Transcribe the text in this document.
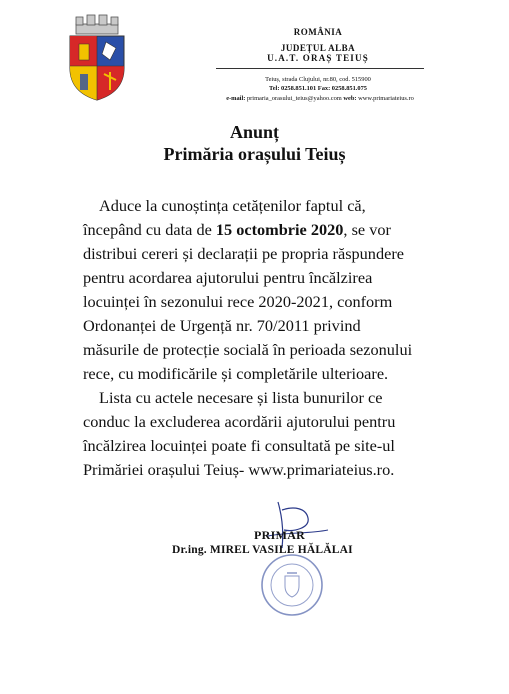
ROMÂNIA
JUDEȚUL ALBA
U.A.T. ORAȘ TEIUȘ
Teiuș, strada Clujului, nr.80, cod. 515900
Tel: 0258.851.101 Fax: 0258.851.075
e-mail: primaria_orasului_teius@yahoo.com web: www.primariateius.ro
Anunț
Primăria orașului Teiuș
Aduce la cunoștința cetățenilor faptul că,
începând cu data de 15 octombrie 2020, se vor
distribui cereri și declarații pe propria răspundere
pentru acordarea ajutorului pentru încălzirea
locuinței în sezonului rece 2020-2021, conform
Ordonanței de Urgență nr. 70/2011 privind
măsurile de protecție socială în perioada sezonului
rece, cu modificările și completările ulterioare.
Lista cu actele necesare și lista bunurilor ce
conduc la excluderea acordării ajutorului pentru
încălzirea locuinței poate fi consultată pe site-ul
Primăriei orașului Teiuș- www.primariateius.ro.
PRIMAR
Dr.ing. MIREL VASILE HĂLĂLAI
